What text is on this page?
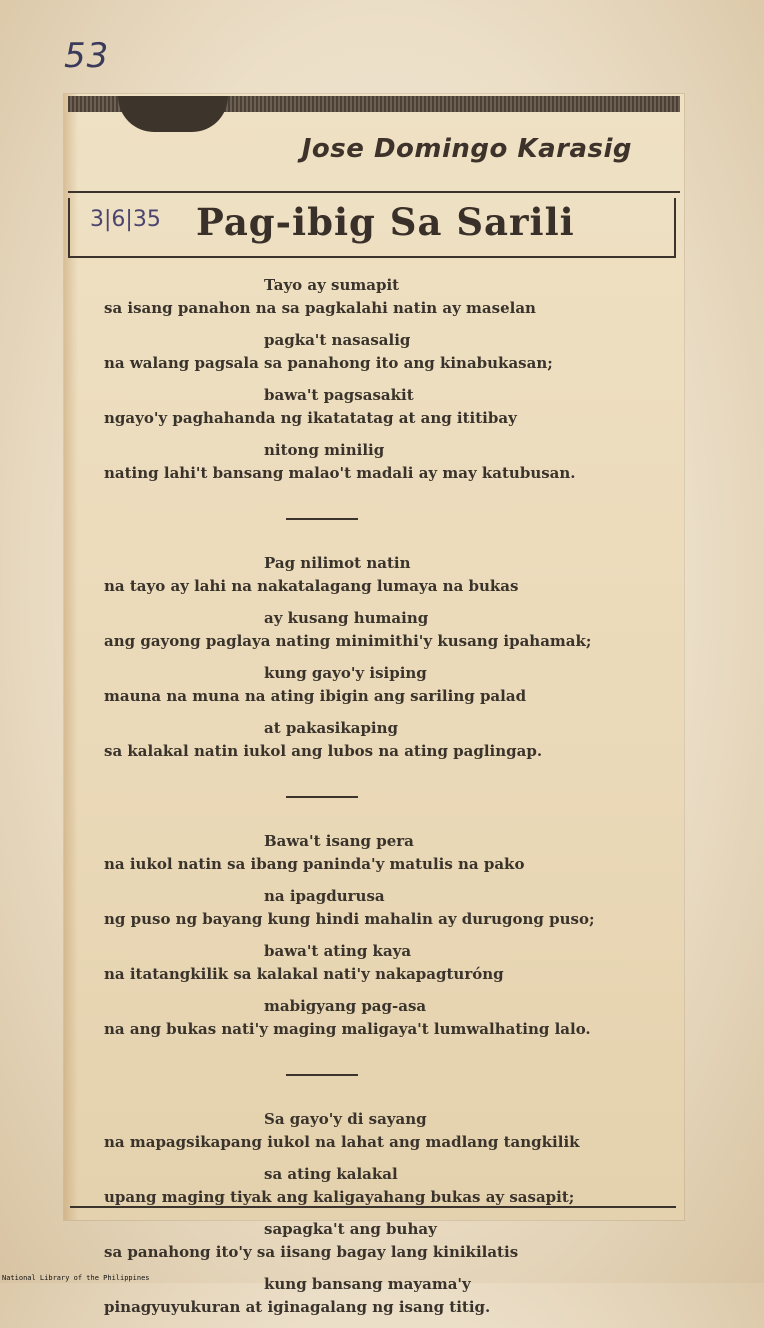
53
Jose Domingo Karasig
3|6|35 Pag-ibig Sa Sarili
Tayo ay sumapit
sa isang panahon na sa pagkalahi natin ay maselan
pagka't nasasalig
na walang pagsala sa panahong ito ang kinabukasan;
bawa't pagsasakit
ngayo'y paghahanda ng ikatatatag at ang ititibay
nitong minilig
nating lahi't bansang malao't madali ay may katubusan.
Pag nilimot natin
na tayo ay lahi na nakatalagang lumaya na bukas
ay kusang humaing
ang gayong paglaya nating minimithi'y kusang ipahamak;
kung gayo'y isiping
mauna na muna na ating ibigin ang sariling palad
at pakasikaping
sa kalakal natin iukol ang lubos na ating paglingap.
Bawa't isang pera
na iukol natin sa ibang paninda'y matulis na pako
na ipagdurusa
ng puso ng bayang kung hindi mahalin ay durugong puso;
bawa't ating kaya
na itatangkilik sa kalakal nati'y nakapagturóng
mabigyang pag-asa
na ang bukas nati'y maging maligaya't lumwalhating lalo.
Sa gayo'y di sayang
na mapagsikapang iukol na lahat ang madlang tangkilik
sa ating kalakal
upang maging tiyak ang kaligayahang bukas ay sasapit;
sapagka't ang buhay
sa panahong ito'y sa iisang bagay lang kinikilatis
kung bansang mayama'y
pinagyuyukuran at iginagalang ng isang titig.
National Library of the Philippines
